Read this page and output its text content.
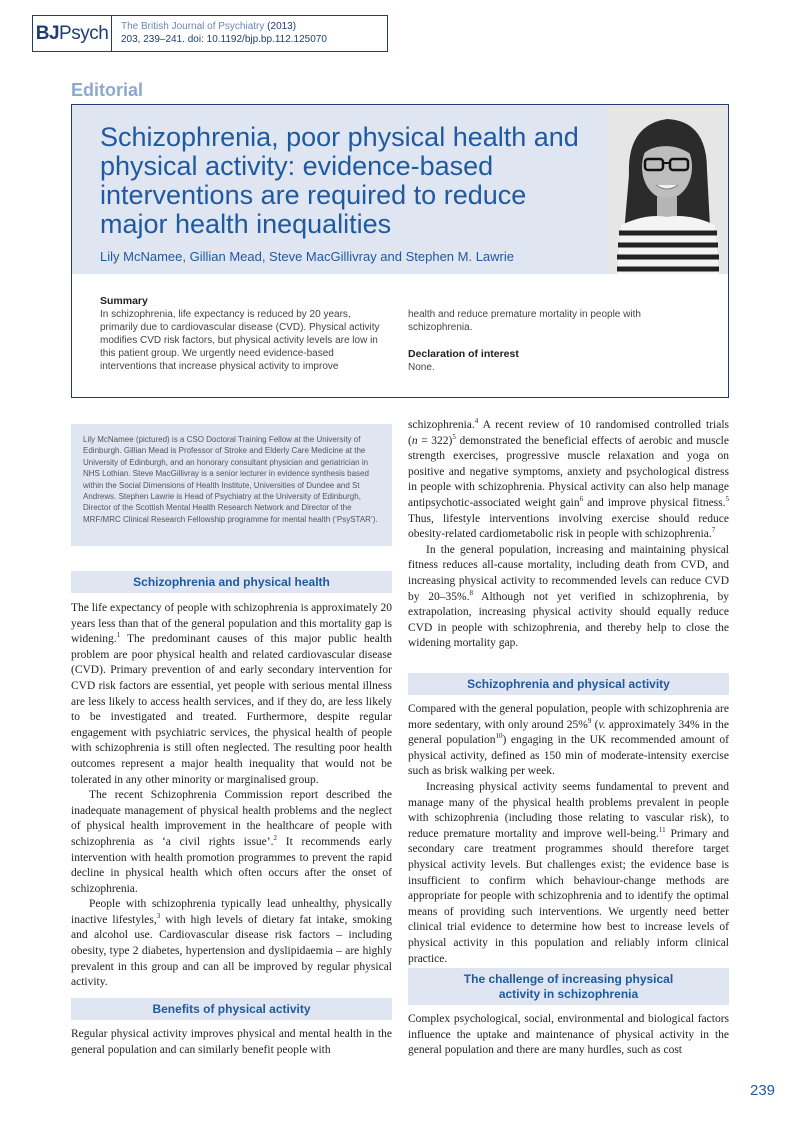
BJ Psych The British Journal of Psychiatry (2013)
203, 239–241. doi: 10.1192/bjp.bp.112.125070
Editorial
Schizophrenia, poor physical health and physical activity: evidence-based interventions are required to reduce major health inequalities
Lily McNamee, Gillian Mead, Steve MacGillivray and Stephen M. Lawrie
Summary
In schizophrenia, life expectancy is reduced by 20 years, primarily due to cardiovascular disease (CVD). Physical activity modifies CVD risk factors, but physical activity levels are low in this patient group. We urgently need evidence-based interventions that increase physical activity to improve
health and reduce premature mortality in people with schizophrenia.
Declaration of interest
None.
Lily McNamee (pictured) is a CSO Doctoral Training Fellow at the University of Edinburgh. Gillian Mead is Professor of Stroke and Elderly Care Medicine at the University of Edinburgh, and an honorary consultant physician and geriatrician in NHS Lothian. Steve MacGillivray is a senior lecturer in evidence synthesis based within the Social Dimensions of Health Institute, Universities of Dundee and St Andrews. Stephen Lawrie is Head of Psychiatry at the University of Edinburgh, Director of the Scottish Mental Health Research Network and Director of the MRF/MRC Clinical Research Fellowship programme for mental health (‘PsySTAR’).
Schizophrenia and physical health

The life expectancy of people with schizophrenia is approximately 20 years less than that of the general population and this mortality gap is widening.$^1$ The predominant causes of this major public health problem are poor physical health and related cardiovascular disease (CVD). Primary prevention of and early secondary intervention for CVD risk factors are essential, yet people with serious mental illness are less likely to access health services, and if they do, are less likely to be investigated and treated. Furthermore, despite regular engagement with psychiatric services, the physical health of people with schizophrenia is still often neglected. The resulting poor health outcomes represent a major health inequality that would not be tolerated in any other minority or marginalised group.

The recent Schizophrenia Commission report described the inadequate management of physical health problems and the neglect of physical health improvement in the healthcare of people with schizophrenia as ‘a civil rights issue’.$^2$ It recommends early intervention with health promotion programmes to prevent the rapid decline in physical health which often occurs after the onset of schizophrenia.

People with schizophrenia typically lead unhealthy, physically inactive lifestyles,$^3$ with high levels of dietary fat intake, smoking and alcohol use. Cardiovascular disease risk factors – including obesity, type 2 diabetes, hypertension and dyslipidaemia – are highly prevalent in this group and can all be improved by regular physical activity.

Benefits of physical activity

Regular physical activity improves physical and mental health in the general population and can similarly benefit people with

schizophrenia.$^4$ A recent review of 10 randomised controlled trials (n = 322)$^5$ demonstrated the beneficial effects of aerobic and muscle strength exercises, progressive muscle relaxation and yoga on positive and negative symptoms, anxiety and psychological distress in people with schizophrenia. Physical activity can also help manage antipsychotic-associated weight gain$^6$ and improve physical fitness.$^5$ Thus, lifestyle interventions involving exercise should reduce obesity-related cardiometabolic risk in people with schizophrenia.$^7$

In the general population, increasing and maintaining physical fitness reduces all-cause mortality, including death from CVD, and increasing physical activity to recommended levels can reduce CVD by 20–35%.$^8$ Although not yet verified in schizophrenia, by extrapolation, increasing physical activity should equally reduce CVD in people with schizophrenia, and thereby help to close the widening mortality gap.

Schizophrenia and physical activity

Compared with the general population, people with schizophrenia are more sedentary, with only around 25%$^9$ (v. approximately 34% in the general population$^{10}$) engaging in the UK recommended amount of physical activity, defined as 150 min of moderate-intensity exercise such as brisk walking per week.

Increasing physical activity seems fundamental to prevent and manage many of the physical health problems prevalent in people with schizophrenia (including those relating to vascular risk), to reduce premature mortality and improve well-being.$^{11}$ Primary and secondary care treatment programmes should therefore target physical activity levels. But challenges exist; the evidence base is insufficient to confirm which behaviour-change methods are appropriate for people with schizophrenia and to identify the optimal means of providing such interventions. We urgently need better clinical trial evidence to determine how best to increase levels of physical activity in this population and reliably inform clinical practice.

The challenge of increasing physical
activity in schizophrenia

Complex psychological, social, environmental and biological factors influence the uptake and maintenance of physical activity in the general population and there are many hurdles, such as cost

239
